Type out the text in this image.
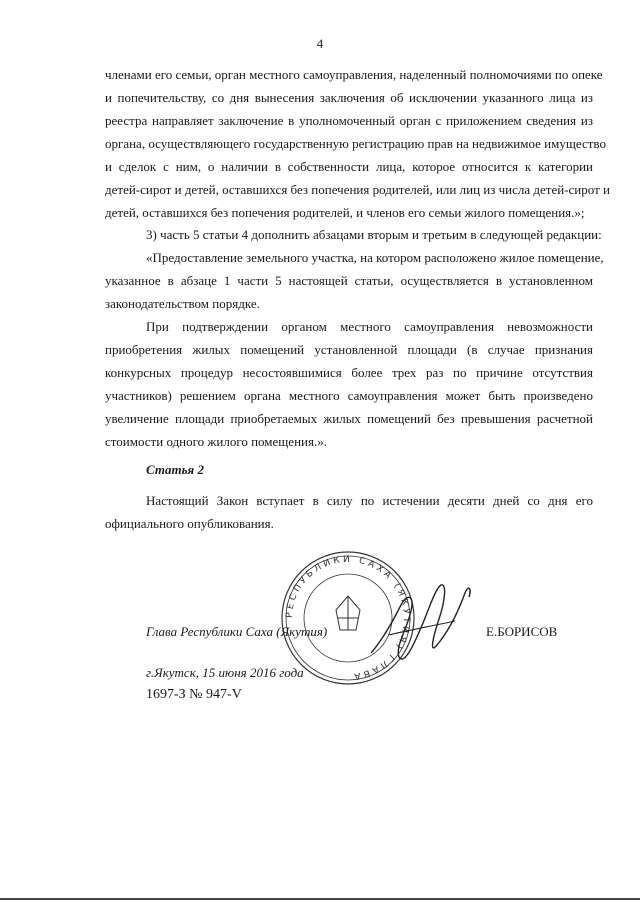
4
членами его семьи, орган местного самоуправления, наделенный полномочиями по опеке
и попечительству, со дня вынесения заключения об исключении указанного лица из
реестра направляет заключение в уполномоченный орган с приложением сведения из
органа, осуществляющего государственную регистрацию прав на недвижимое имущество
и сделок с ним, о наличии в собственности лица, которое относится к категории
детей-сирот и детей, оставшихся без попечения родителей, или лиц из числа детей-сирот и
детей, оставшихся без попечения родителей, и членов его семьи жилого помещения.»;
3) часть 5 статьи 4 дополнить абзацами вторым и третьим в следующей редакции:
«Предоставление земельного участка, на котором расположено жилое помещение,
указанное в абзаце 1 части 5 настоящей статьи, осуществляется в установленном
законодательством порядке.
При подтверждении органом местного самоуправления невозможности
приобретения жилых помещений установленной площади (в случае признания
конкурсных процедур несостоявшимися более трех раз по причине отсутствия
участников) решением органа местного самоуправления может быть произведено
увеличение площади приобретаемых жилых помещений без превышения расчетной
стоимости одного жилого помещения.».
Статья 2
Настоящий Закон вступает в силу по истечении десяти дней со дня его
официального опубликования.
РЕСПУБЛИКИ САХА (ЯКУТИЯ) ГЛАВА
Глава Республики Саха (Якутия)	Е.БОРИСОВ
г.Якутск, 15 июня 2016 года
1697-З № 947-V
